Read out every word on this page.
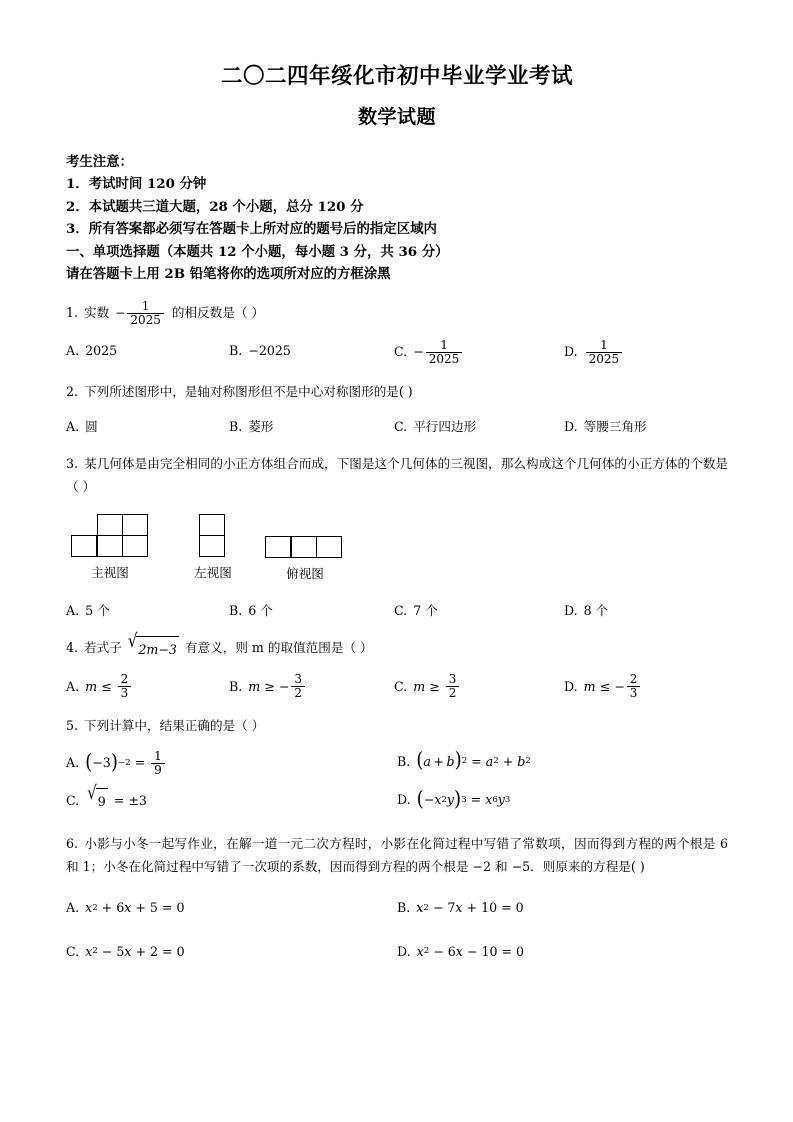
二〇二四年绥化市初中毕业学业考试
数学试题
考生注意：
1．考试时间 120 分钟
2．本试题共三道大题，28 个小题，总分 120 分
3．所有答案都必须写在答题卡上所对应的题号后的指定区域内
一、单项选择题（本题共 12 个小题，每小题 3 分，共 36 分）
请在答题卡上用 2B 铅笔将你的选项所对应的方框涂黑
1. 实数 − $\frac{1}{2025}$ 的相反数是（ ）
A. 2025	B. −2025	C. − $\frac{1}{2025}$	D. $\frac{1}{2025}$
2. 下列所述图形中，是轴对称图形但不是中心对称图形的是( )
A. 圆	B. 菱形	C. 平行四边形	D. 等腰三角形
3. 某几何体是由完全相同的小正方体组合而成，下图是这个几何体的三视图，那么构成这个几何体的小正方体的个数是（ ）
主视图	左视图	俯视图
A. 5 个	B. 6 个	C. 7 个	D. 8 个
4. 若式子 √ 2m−3 有意义，则 m 的取值范围是（ ）
A. m
≤
$\frac{2}{3}$	B. m
≥
− $\frac{3}{2}$	C. m
≥
$\frac{3}{2}$	D. m
≤
− $\frac{2}{3}$
5. 下列计算中，结果正确的是（ ）
A. ( −3 ) $-2 = \frac{1}{9}$	B. ( a  +  b ) 2 = a 2 + b 2
C. √ 9 = ±3	D. ( − x 2 y ) 3 = x 6 y 3
6. 小影与小冬一起写作业，在解一道一元二次方程时，小影在化简过程中写错了常数项，因而得到方程的两个根是 6 和 1；小冬在化简过程中写错了一次项的系数，因而得到方程的两个根是 −2 和 −5．则原来的方程是( )
A. x 2 + 6 x + 5 = 0	B. x 2 − 7 x + 10 = 0
C. x 2 − 5 x + 2 = 0	D. x 2 − 6 x − 10 = 0
